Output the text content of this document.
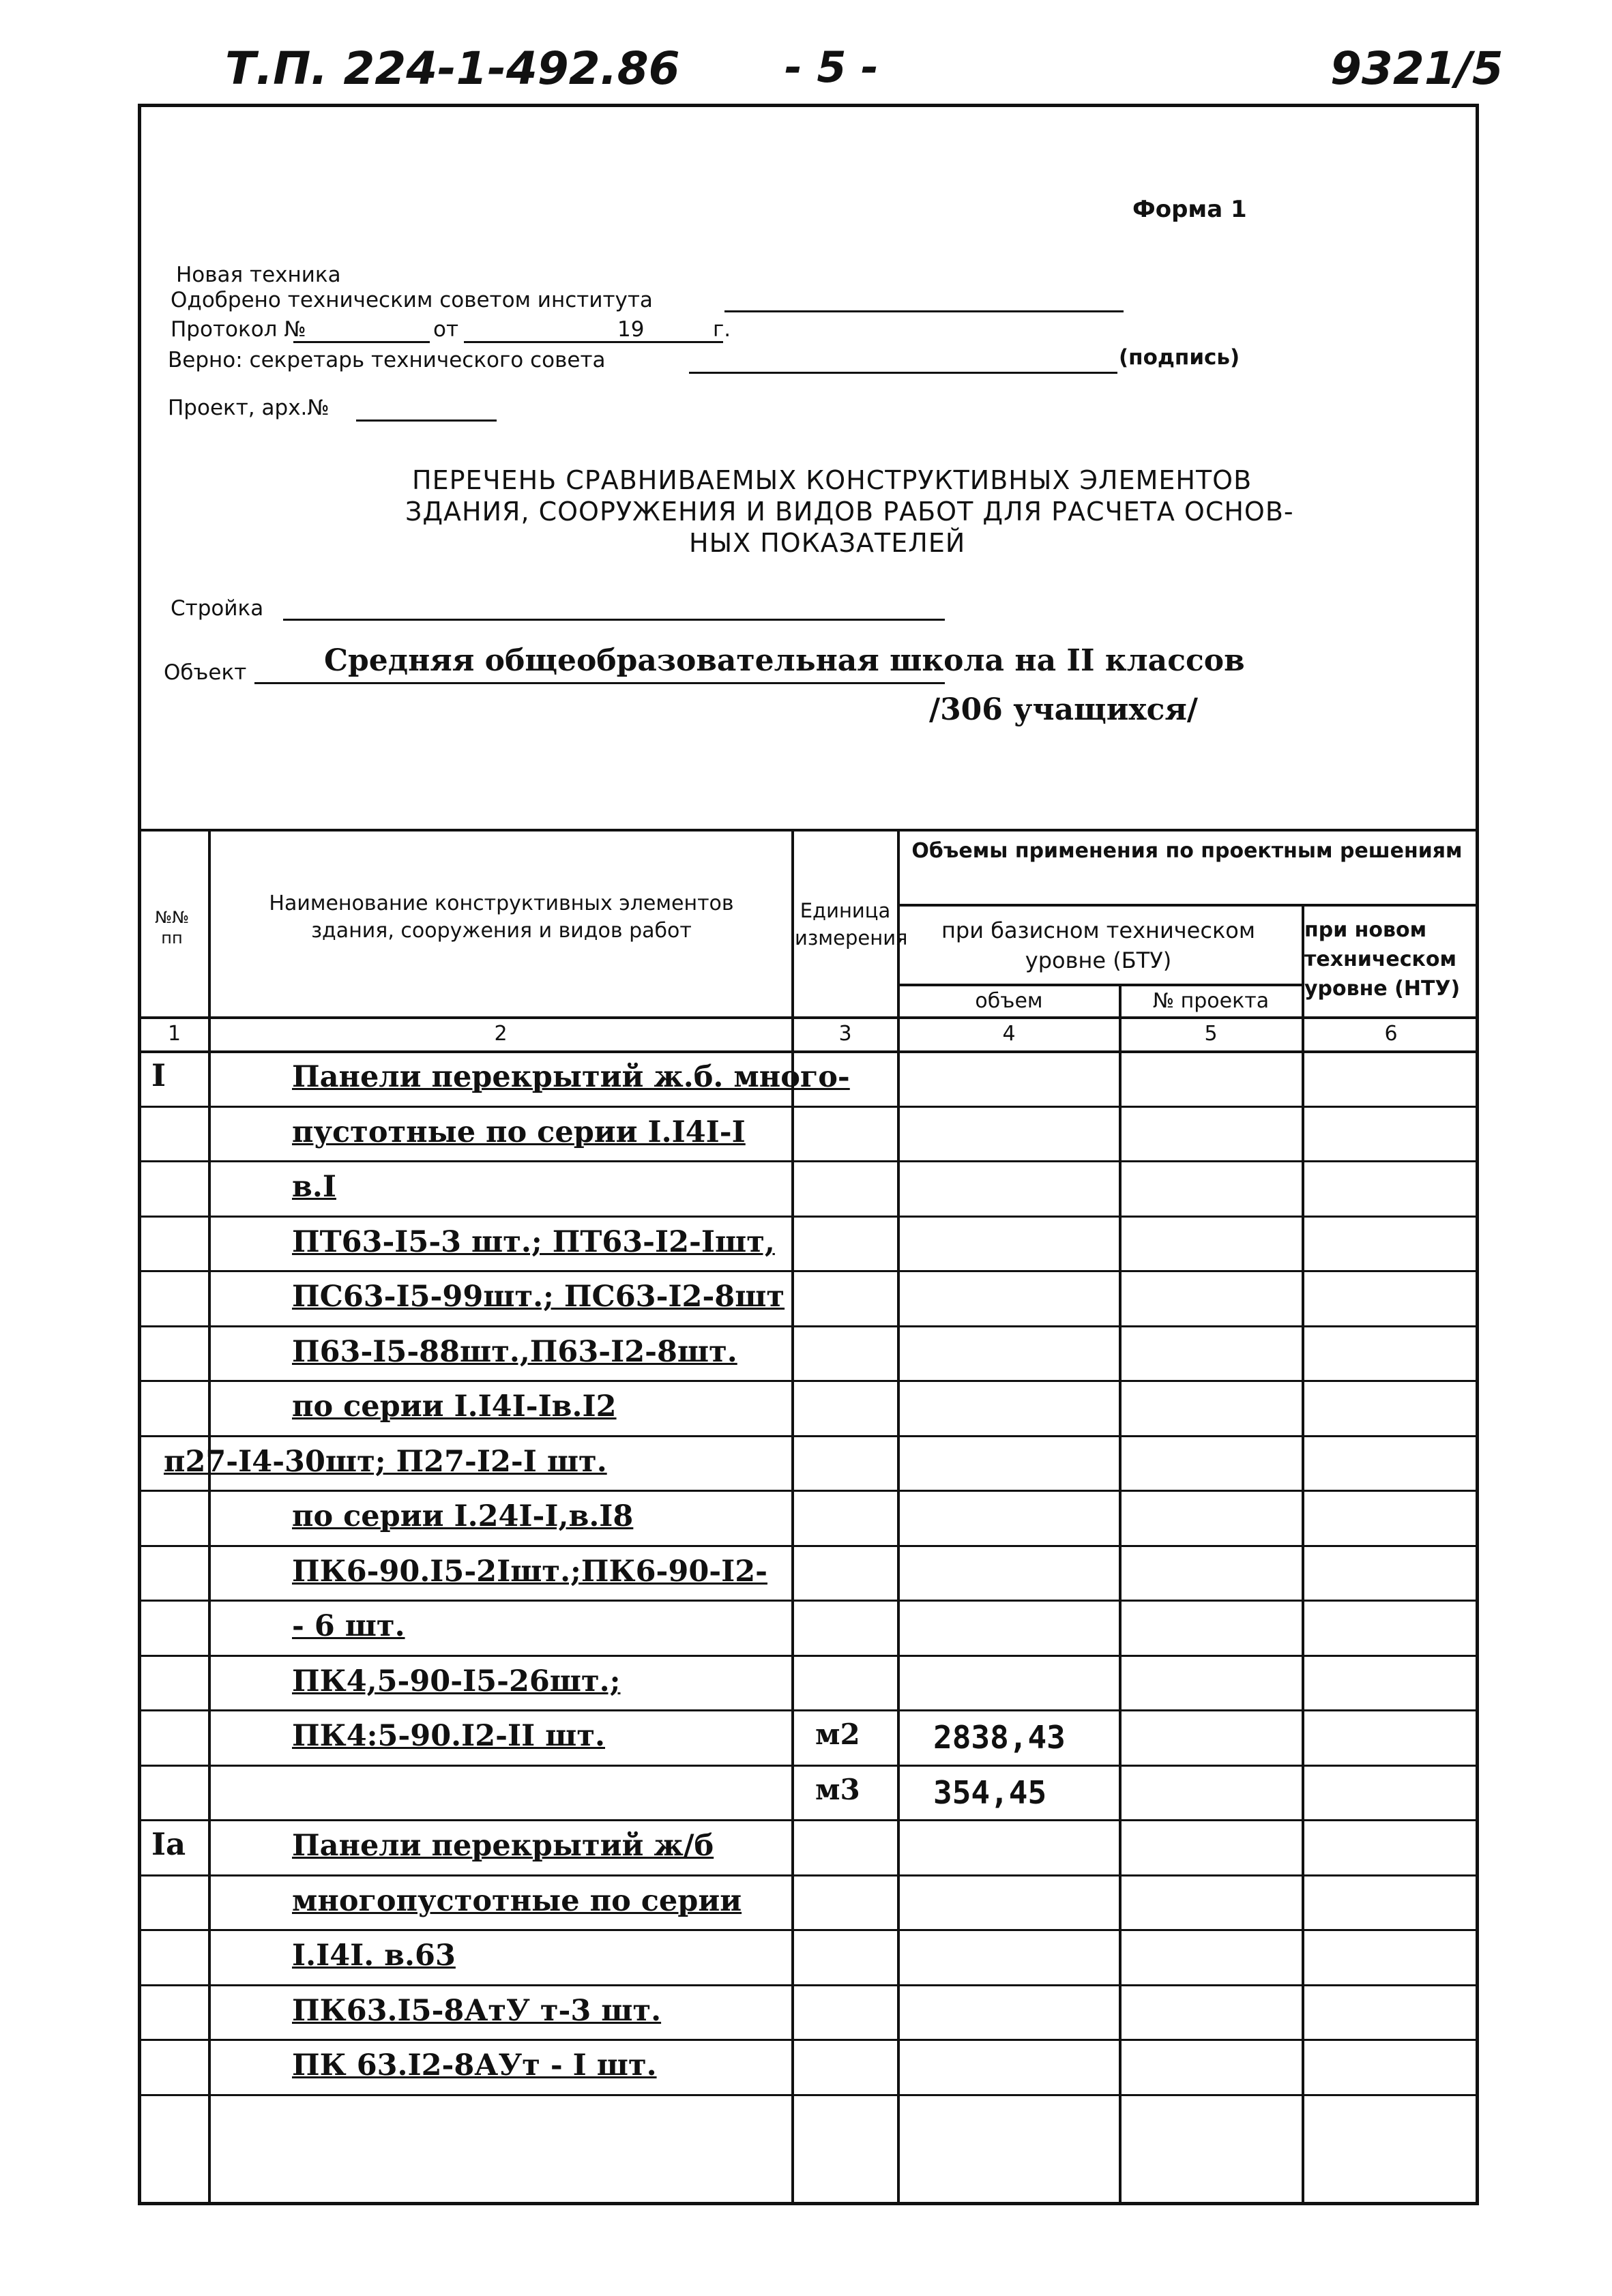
Т.П. 224-1-492.86 - 5 -	9321/5
Форма 1
Новая техника
Одобрено техническим советом института
Протокол №	от	19	г.
Верно: секретарь технического совета	(подпись)
Проект, арх.№
ПЕРЕЧЕНЬ СРАВНИВАЕМЫХ КОНСТРУКТИВНЫХ ЭЛЕМЕНТОВ
ЗДАНИЯ, СООРУЖЕНИЯ И ВИДОВ РАБОТ ДЛЯ РАСЧЕТА ОСНОВ-
НЫХ ПОКАЗАТЕЛЕЙ
Стройка
Объект	Средняя общеобразовательная школа на II классов
/306 учащихся/
№№ пп
Наименование конструктивных элементов здания, сооружения и видов работ
Единица измерения
Объемы применения по проектным решениям
при базисном техническом уровне (БТУ)
при новом техническом уровне (НТУ)
объем	№ проекта
1	2	3	4	5	6
I	Панели перекрытий ж.б. много-
пустотные по серии I.I4I-I
в.I
ПТ63-I5-3 шт.; ПТ63-I2-Iшт,
ПС63-I5-99шт.; ПС63-I2-8шт
П63-I5-88шт.,П63-I2-8шт.
по серии I.I4I-Iв.I2
п27-I4-30шт; П27-I2-I шт.
по серии I.24I-I,в.I8
ПК6-90.I5-2Iшт.;ПК6-90-I2-
- 6 шт.
ПК4,5-90-I5-26шт.;
ПК4:5-90.I2-II шт.	м2 2838,43
м3 354,45
Iа	Панели перекрытий ж/б
многопустотные по серии
I.I4I. в.63
ПК63.I5-8АтУ т-3 шт.
ПК 63.I2-8АУт - I шт.
